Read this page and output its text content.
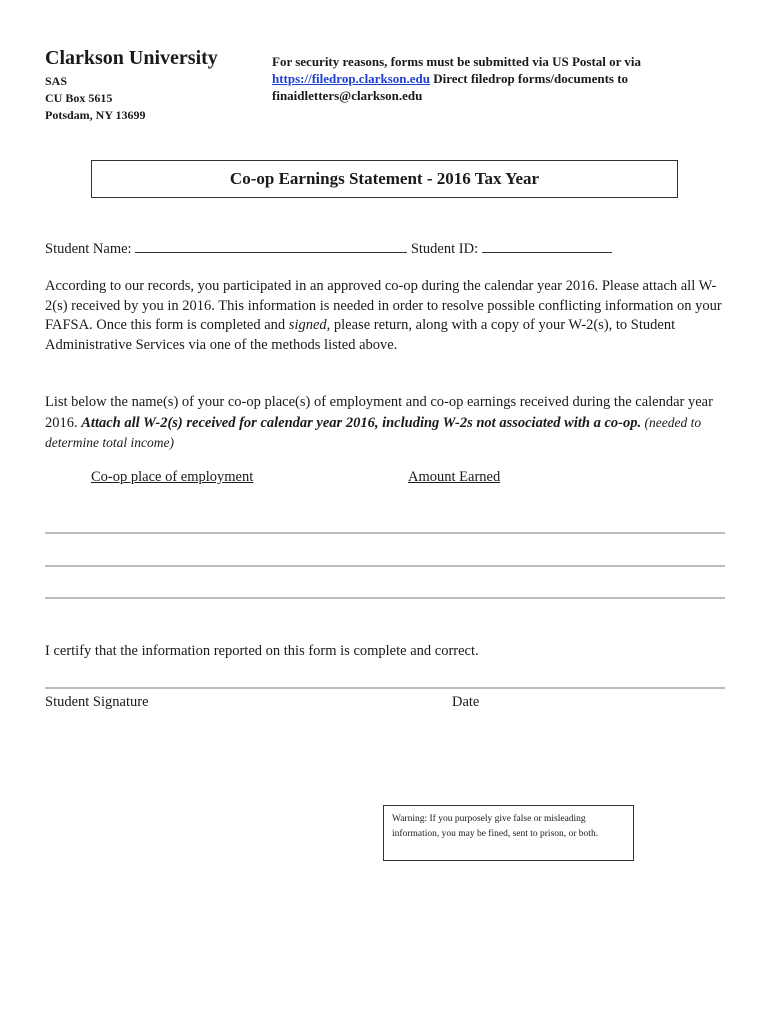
Clarkson University
SAS
CU Box 5615
Potsdam, NY 13699
For security reasons, forms must be submitted via US Postal or via https://filedrop.clarkson.edu Direct filedrop forms/documents to finaidletters@clarkson.edu
Co-op Earnings Statement - 2016 Tax Year
Student Name:	Student ID:
According to our records, you participated in an approved co-op during the calendar year 2016. Please attach all W-2(s) received by you in 2016. This information is needed in order to resolve possible conflicting information on your FAFSA. Once this form is completed and signed, please return, along with a copy of your W-2(s), to Student Administrative Services via one of the methods listed above.
List below the name(s) of your co-op place(s) of employment and co-op earnings received during the calendar year 2016. Attach all W-2(s) received for calendar year 2016, including W-2s not associated with a co-op. (needed to determine total income)
Co-op place of employment	Amount Earned
I certify that the information reported on this form is complete and correct.
Student Signature	Date
Warning: If you purposely give false or misleading information, you may be fined, sent to prison, or both.
